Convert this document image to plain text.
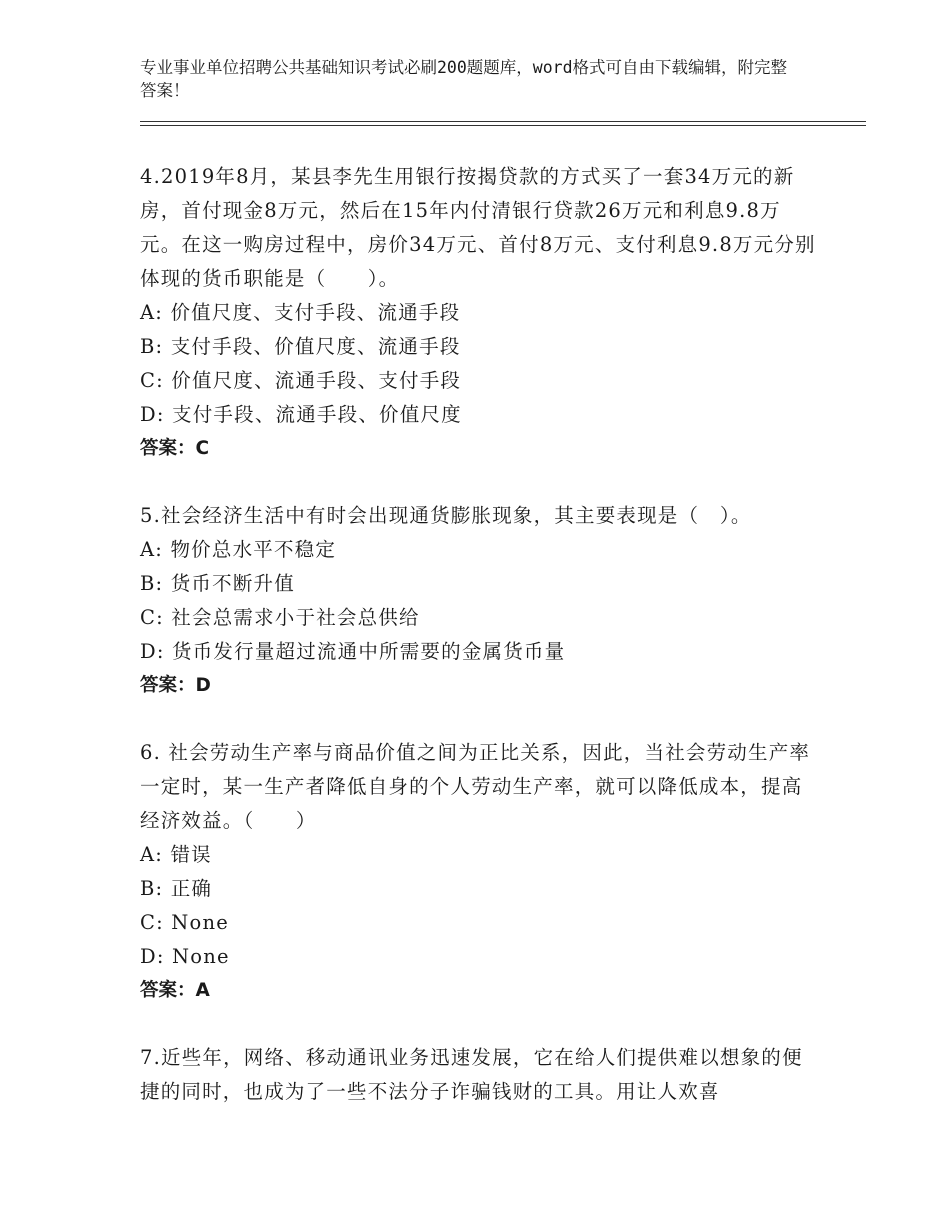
专业事业单位招聘公共基础知识考试必刷200题题库，word格式可自由下载编辑，附完整答案！

4.2019年8月，某县李先生用银行按揭贷款的方式买了一套34万元的新房，首付现金8万元，然后在15年内付清银行贷款26万元和利息9.8万元。在这一购房过程中，房价34万元、首付8万元、支付利息9.8万元分别体现的货币职能是（　　）。

A: 价值尺度、支付手段、流通手段

B: 支付手段、价值尺度、流通手段

C: 价值尺度、流通手段、支付手段

D: 支付手段、流通手段、价值尺度

答案：C

5.社会经济生活中有时会出现通货膨胀现象，其主要表现是（　）。

A: 物价总水平不稳定

B: 货币不断升值

C: 社会总需求小于社会总供给

D: 货币发行量超过流通中所需要的金属货币量

答案：D

6. 社会劳动生产率与商品价值之间为正比关系，因此，当社会劳动生产率一定时，某一生产者降低自身的个人劳动生产率，就可以降低成本，提高经济效益。（　　）

A: 错误

B: 正确

C: None

D: None

答案：A

7.近些年，网络、移动通讯业务迅速发展，它在给人们提供难以想象的便捷的同时，也成为了一些不法分子诈骗钱财的工具。用让人欢喜
